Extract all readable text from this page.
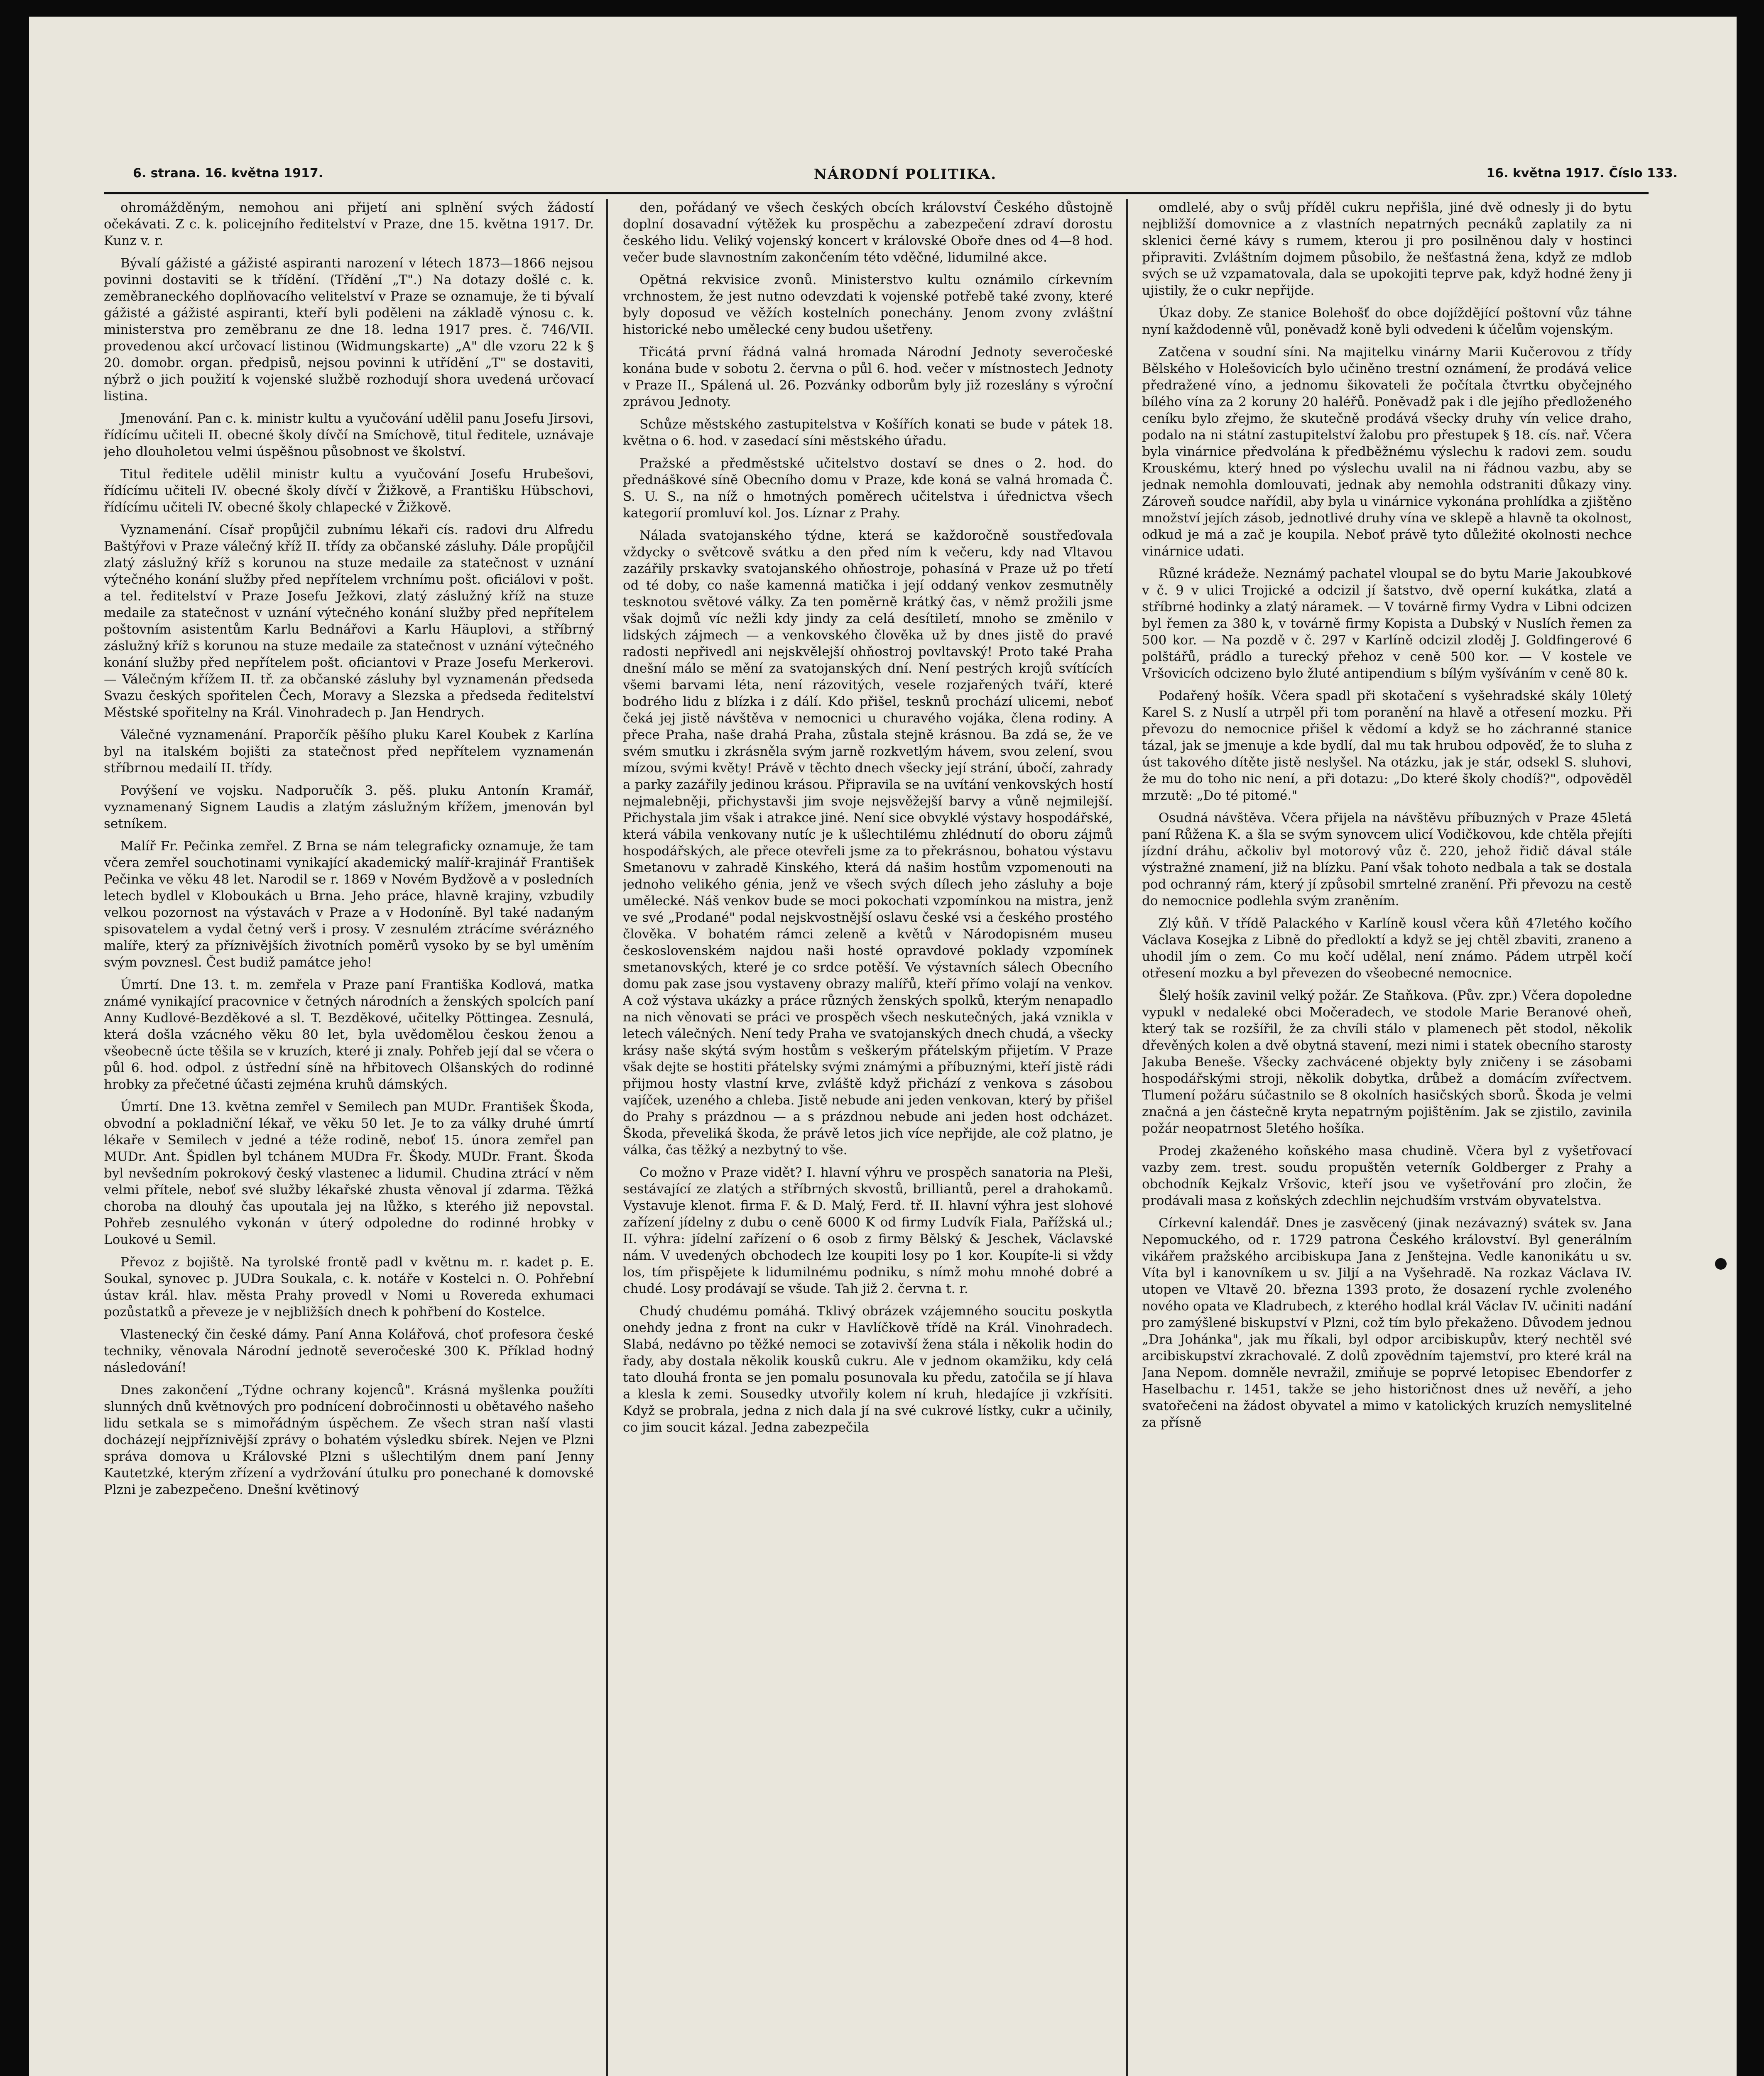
6. strana. 16. května 1917.	NÁRODNÍ POLITIKA.	16. května 1917. Číslo 133.

ohromážděným, nemohou ani přijetí ani splnění svých žádostí očekávati. Z c. k. policejního ředitelství v Praze, dne 15. května 1917. Dr. Kunz v. r.

Bývalí gážisté a gážisté aspiranti narození v létech 1873—1866 nejsou povinni dostaviti se k třídění. (Třídění „T".) Na dotazy došlé c. k. zeměbraneckého doplňovacího velitelství v Praze se oznamuje, že ti bývalí gážisté a gážisté aspiranti, kteří byli poděleni na základě výnosu c. k. ministerstva pro zeměbranu ze dne 18. ledna 1917 pres. č. 746/VII. provedenou akcí určovací listinou (Widmungskarte) „A" dle vzoru 22 k § 20. domobr. organ. předpisů, nejsou povinni k utřídění „T" se dostaviti, nýbrž o jich použití k vojenské službě rozhodují shora uvedená určovací listina.

Jmenování. Pan c. k. ministr kultu a vyučování udělil panu Josefu Jirsovi, řídícímu učiteli II. obecné školy dívčí na Smíchově, titul ředitele, uznávaje jeho dlouholetou velmi úspěšnou působnost ve školství.

Titul ředitele udělil ministr kultu a vyučování Josefu Hrubešovi, řídícímu učiteli IV. obecné školy dívčí v Žižkově, a Františku Hübschovi, řídícímu učiteli IV. obecné školy chlapecké v Žižkově.

Vyznamenání. Císař propůjčil zubnímu lékaři cís. radovi dru Alfredu Baštýřovi v Praze válečný kříž II. třídy za občanské zásluhy. Dále propůjčil zlatý záslužný kříž s korunou na stuze medaile za statečnost v uznání výtečného konání služby před nepřítelem vrchnímu pošt. oficiálovi v pošt. a tel. ředitelství v Praze Josefu Ježkovi, zlatý záslužný kříž na stuze medaile za statečnost v uznání výtečného konání služby před nepřítelem poštovním asistentům Karlu Bednářovi a Karlu Häuplovi, a stříbrný záslužný kříž s korunou na stuze medaile za statečnost v uznání výtečného konání služby před nepřítelem pošt. oficiantovi v Praze Josefu Merkerovi. — Válečným křížem II. tř. za občanské zásluhy byl vyznamenán předseda Svazu českých spořitelen Čech, Moravy a Slezska a předseda ředitelství Městské spořitelny na Král. Vinohradech p. Jan Hendrych.

Válečné vyznamenání. Praporčík pěšího pluku Karel Koubek z Karlína byl na italském bojišti za statečnost před nepřítelem vyznamenán stříbrnou medailí II. třídy.

Povýšení ve vojsku. Nadporučík 3. pěš. pluku Antonín Kramář, vyznamenaný Signem Laudis a zlatým záslužným křížem, jmenován byl setníkem.

Malíř Fr. Pečinka zemřel. Z Brna se nám telegraficky oznamuje, že tam včera zemřel souchotinami vynikající akademický malíř-krajinář František Pečinka ve věku 48 let. Narodil se r. 1869 v Novém Bydžově a v posledních letech bydlel v Kloboukách u Brna. Jeho práce, hlavně krajiny, vzbudily velkou pozornost na výstavách v Praze a v Hodoníně. Byl také nadaným spisovatelem a vydal četný verš i prosy. V zesnulém ztrácíme svérázného malíře, který za příznivějších životních poměrů vysoko by se byl uměním svým povznesl. Čest budiž památce jeho!

Úmrtí. Dne 13. t. m. zemřela v Praze paní Františka Kodlová, matka známé vynikající pracovnice v četných národních a ženských spolcích paní Anny Kudlové-Bezděkové a sl. T. Bezděkové, učitelky Pöttingea. Zesnulá, která došla vzácného věku 80 let, byla uvědomělou českou ženou a všeobecně úcte těšila se v kruzích, které ji znaly. Pohřeb její dal se včera o půl 6. hod. odpol. z ústřední síně na hřbitovech Olšanských do rodinné hrobky za přečetné účasti zejména kruhů dámských.

Úmrtí. Dne 13. května zemřel v Semilech pan MUDr. František Škoda, obvodní a pokladniční lékař, ve věku 50 let. Je to za války druhé úmrtí lékaře v Semilech v jedné a téže rodině, neboť 15. února zemřel pan MUDr. Ant. Špidlen byl tchánem MUDra Fr. Škody. MUDr. Frant. Škoda byl nevšedním pokrokový český vlastenec a lidumil. Chudina ztrácí v něm velmi přítele, neboť své služby lékařské zhusta věnoval jí zdarma. Těžká choroba na dlouhý čas upoutala jej na lůžko, s kterého již nepovstal. Pohřeb zesnulého vykonán v úterý odpoledne do rodinné hrobky v Loukové u Semil.

Převoz z bojiště. Na tyrolské frontě padl v květnu m. r. kadet p. E. Soukal, synovec p. JUDra Soukala, c. k. notáře v Kostelci n. O. Pohřební ústav král. hlav. města Prahy provedl v Nomi u Rovereda exhumaci pozůstatků a převeze je v nejbližších dnech k pohřbení do Kostelce.

Vlastenecký čin české dámy. Paní Anna Kolářová, choť profesora české techniky, věnovala Národní jednotě severočeské 300 K. Příklad hodný následování!

Dnes zakončení „Týdne ochrany kojenců". Krásná myšlenka použíti slunných dnů květnových pro podnícení dobročinnosti u obětavého našeho lidu setkala se s mimořádným úspěchem. Ze všech stran naší vlasti docházejí nejpříznivější zprávy o bohatém výsledku sbírek. Nejen ve Plzni správa domova u Královské Plzni s ušlechtilým dnem paní Jenny Kautetzké, kterým zřízení a vydržování útulku pro ponechané k domovské Plzni je zabezpečeno. Dnešní květinový

den, pořádaný ve všech českých obcích království Českého důstojně doplní dosavadní výtěžek ku prospěchu a zabezpečení zdraví dorostu českého lidu. Veliký vojenský koncert v královské Oboře dnes od 4—8 hod. večer bude slavnostním zakončením této vděčné, lidumilné akce.

Opětná rekvisice zvonů. Ministerstvo kultu oznámilo církevním vrchnostem, že jest nutno odevzdati k vojenské potřebě také zvony, které byly doposud ve věžích kostelních ponechány. Jenom zvony zvláštní historické nebo umělecké ceny budou ušetřeny.

Třicátá první řádná valná hromada Národní Jednoty severočeské konána bude v sobotu 2. června o půl 6. hod. večer v místnostech Jednoty v Praze II., Spálená ul. 26. Pozvánky odborům byly již rozeslány s výroční zprávou Jednoty.

Schůze městského zastupitelstva v Košířích konati se bude v pátek 18. května o 6. hod. v zasedací síni městského úřadu.

Pražské a předměstské učitelstvo dostaví se dnes o 2. hod. do přednáškové síně Obecního domu v Praze, kde koná se valná hromada Č. S. U. S., na níž o hmotných poměrech učitelstva i úřednictva všech kategorií promluví kol. Jos. Líznar z Prahy.

Nálada svatojanského týdne, která se každoročně soustřeďovala vždycky o světcově svátku a den před ním k večeru, kdy nad Vltavou zazářily prskavky svatojanského ohňostroje, pohasíná v Praze už po třetí od té doby, co naše kamenná matička i její oddaný venkov zesmutněly tesknotou světové války. Za ten poměrně krátký čas, v němž prožili jsme však dojmů víc nežli kdy jindy za celá desítiletí, mnoho se změnilo v lidských zájmech — a venkovského člověka už by dnes jistě do pravé radosti nepřivedl ani nejskvělejší ohňostroj povltavský! Proto také Praha dnešní málo se mění za svatojanských dní. Není pestrých krojů svítících všemi barvami léta, není rázovitých, vesele rozjařených tváří, které bodrého lidu z blízka i z dálí. Kdo přišel, tesknů prochází ulicemi, neboť čeká jej jistě návštěva v nemocnici u churavého vojáka, člena rodiny. A přece Praha, naše drahá Praha, zůstala stejně krásnou. Ba zdá se, že ve svém smutku i zkrásněla svým jarně rozkvetlým hávem, svou zelení, svou mízou, svými květy! Právě v těchto dnech všecky její strání, úbočí, zahrady a parky zazářily jedinou krásou. Připravila se na uvítání venkovských hostí nejmalebněji, přichystavši jim svoje nejsvěžejší barvy a vůně nejmilejší. Přichystala jim však i atrakce jiné. Není sice obvyklé výstavy hospodářské, která vábila venkovany nutíc je k ušlechtilému zhlédnutí do oboru zájmů hospodářských, ale přece otevřeli jsme za to překrásnou, bohatou výstavu Smetanovu v zahradě Kinského, která dá našim hostům vzpomenouti na jednoho velikého génia, jenž ve všech svých dílech jeho zásluhy a boje umělecké. Náš venkov bude se moci pokochati vzpomínkou na mistra, jenž ve své „Prodané" podal nejskvostnější oslavu české vsi a českého prostého člověka. V bohatém rámci zeleně a květů v Národopisném museu československém najdou naši hosté opravdové poklady vzpomínek smetanovských, které je co srdce potěší. Ve výstavních sálech Obecního domu pak zase jsou vystaveny obrazy malířů, kteří přímo volají na venkov. A což výstava ukázky a práce různých ženských spolků, kterým nenapadlo na nich věnovati se práci ve prospěch všech neskutečných, jaká vznikla v letech válečných. Není tedy Praha ve svatojanských dnech chudá, a všecky krásy naše skýtá svým hostům s veškerým přátelským přijetím. V Praze však dejte se hostiti přátelsky svými známými a příbuznými, kteří jistě rádi přijmou hosty vlastní krve, zvláště když přichází z venkova s zásobou vajíček, uzeného a chleba. Jistě nebude ani jeden venkovan, který by přišel do Prahy s prázdnou — a s prázdnou nebude ani jeden host odcházet. Škoda, převeliká škoda, že právě letos jich více nepřijde, ale což platno, je válka, čas těžký a nezbytný to vše.

Co možno v Praze vidět? I. hlavní výhru ve prospěch sanatoria na Pleši, sestávající ze zlatých a stříbrných skvostů, brilliantů, perel a drahokamů. Vystavuje klenot. firma F. & D. Malý, Ferd. tř. II. hlavní výhra jest slohové zařízení jídelny z dubu o ceně 6000 K od firmy Ludvík Fiala, Pařížská ul.; II. výhra: jídelní zařízení o 6 osob z firmy Bělský & Jeschek, Václavské nám. V uvedených obchodech lze koupiti losy po 1 kor. Koupíte-li si vždy los, tím přispějete k lidumilnému podniku, s nímž mohu mnohé dobré a chudé. Losy prodávají se všude. Tah již 2. června t. r.

Chudý chudému pomáhá. Tklivý obrázek vzájemného soucitu poskytla onehdy jedna z front na cukr v Havlíčkově třídě na Král. Vinohradech. Slabá, nedávno po těžké nemoci se zotavivší žena stála i několik hodin do řady, aby dostala několik kousků cukru. Ale v jednom okamžiku, kdy celá tato dlouhá fronta se jen pomalu posunovala ku předu, zatočila se jí hlava a klesla k zemi. Sousedky utvořily kolem ní kruh, hledajíce ji vzkřísiti. Když se probrala, jedna z nich dala jí na své cukrové lístky, cukr a učinily, co jim soucit kázal. Jedna zabezpečila

omdlelé, aby o svůj příděl cukru nepřišla, jiné dvě odnesly ji do bytu nejbližší domovnice a z vlastních nepatrných pecnáků zaplatily za ni sklenici černé kávy s rumem, kterou ji pro posilněnou daly v hostinci připraviti. Zvláštním dojmem působilo, že nešťastná žena, když ze mdlob svých se už vzpamatovala, dala se upokojiti teprve pak, když hodné ženy ji ujistily, že o cukr nepřijde.

Úkaz doby. Ze stanice Bolehošť do obce dojíždějící poštovní vůz táhne nyní každodenně vůl, poněvadž koně byli odvedeni k účelům vojenským.

Zatčena v soudní síni. Na majitelku vinárny Marii Kučerovou z třídy Bělského v Holešovicích bylo učiněno trestní oznámení, že prodává velice předražené víno, a jednomu šikovateli že počítala čtvrtku obyčejného bílého vína za 2 koruny 20 haléřů. Poněvadž pak i dle jejího předloženého ceníku bylo zřejmo, že skutečně prodává všecky druhy vín velice draho, podalo na ni státní zastupitelství žalobu pro přestupek § 18. cís. nař. Včera byla vinárnice předvolána k předběžnému výslechu k radovi zem. soudu Krouskému, který hned po výslechu uvalil na ni řádnou vazbu, aby se jednak nemohla domlouvati, jednak aby nemohla odstraniti důkazy viny. Zároveň soudce nařídil, aby byla u vinárnice vykonána prohlídka a zjištěno množství jejích zásob, jednotlivé druhy vína ve sklepě a hlavně ta okolnost, odkud je má a zač je koupila. Neboť právě tyto důležité okolnosti nechce vinárnice udati.

Různé krádeže. Neznámý pachatel vloupal se do bytu Marie Jakoubkové v č. 9 v ulici Trojické a odcizil jí šatstvo, dvě operní kukátka, zlatá a stříbrné hodinky a zlatý náramek. — V továrně firmy Vydra v Libni odcizen byl řemen za 380 k, v továrně firmy Kopista a Dubský v Nuslích řemen za 500 kor. — Na pozdě v č. 297 v Karlíně odcizil zloděj J. Goldfingerové 6 polštářů, prádlo a turecký přehoz v ceně 500 kor. — V kostele ve Vršovicích odcizeno bylo žluté antipendium s bílým vyšíváním v ceně 80 k.

Podařený hošík. Včera spadl při skotačení s vyšehradské skály 10letý Karel S. z Nuslí a utrpěl při tom poranění na hlavě a otřesení mozku. Při převozu do nemocnice přišel k vědomí a když se ho záchranné stanice tázal, jak se jmenuje a kde bydlí, dal mu tak hrubou odpověď, že to sluha z úst takového dítěte jistě neslyšel. Na otázku, jak je stár, odsekl S. sluhovi, že mu do toho nic není, a při dotazu: „Do které školy chodíš?", odpověděl mrzutě: „Do té pitomé."

Osudná návštěva. Včera přijela na návštěvu příbuzných v Praze 45letá paní Růžena K. a šla se svým synovcem ulicí Vodičkovou, kde chtěla přejíti jízdní dráhu, ačkoliv byl motorový vůz č. 220, jehož řidič dával stále výstražné znamení, již na blízku. Paní však tohoto nedbala a tak se dostala pod ochranný rám, který jí způsobil smrtelné zranění. Při převozu na cestě do nemocnice podlehla svým zraněním.

Zlý kůň. V třídě Palackého v Karlíně kousl včera kůň 47letého kočího Václava Kosejka z Libně do předloktí a když se jej chtěl zbaviti, zraneno a uhodil jím o zem. Co mu kočí udělal, není známo. Pádem utrpěl kočí otřesení mozku a byl převezen do všeobecné nemocnice.

Šlelý hošík zavinil velký požár. Ze Staňkova. (Pův. zpr.) Včera dopoledne vypukl v nedaleké obci Močeradech, ve stodole Marie Beranové oheň, který tak se rozšířil, že za chvíli stálo v plamenech pět stodol, několik dřevěných kolen a dvě obytná stavení, mezi nimi i statek obecního starosty Jakuba Beneše. Všecky zachvácené objekty byly zničeny i se zásobami hospodářskými stroji, několik dobytka, drůbež a domácím zvířectvem. Tlumení požáru súčastnilo se 8 okolních hasičských sborů. Škoda je velmi značná a jen částečně kryta nepatrným pojištěním. Jak se zjistilo, zavinila požár neopatrnost 5letého hošíka.

Prodej zkaženého koňského masa chudině. Včera byl z vyšetřovací vazby zem. trest. soudu propuštěn veterník Goldberger z Prahy a obchodník Kejkalz Vršovic, kteří jsou ve vyšetřování pro zločin, že prodávali masa z koňských zdechlin nejchudším vrstvám obyvatelstva.

Církevní kalendář. Dnes je zasvěcený (jinak nezávazný) svátek sv. Jana Nepomuckého, od r. 1729 patrona Českého království. Byl generálním vikářem pražského arcibiskupa Jana z Jenštejna. Vedle kanonikátu u sv. Víta byl i kanovníkem u sv. Jiljí a na Vyšehradě. Na rozkaz Václava IV. utopen ve Vltavě 20. března 1393 proto, že dosazení rychle zvoleného nového opata ve Kladrubech, z kterého hodlal král Václav IV. učiniti nadání pro zamýšlené biskupství v Plzni, což tím bylo překaženo. Důvodem jednou „Dra Johánka", jak mu říkali, byl odpor arcibiskupův, který nechtěl své arcibiskupství zkrachovalé. Z dolů zpovědním tajemství, pro které král na Jana Nepom. domněle nevražil, zmiňuje se poprvé letopisec Ebendorfer z Haselbachu r. 1451, takže se jeho historičnost dnes už nevěří, a jeho svatořečeni na žádost obyvatel a mimo v katolických kruzích nemyslitelné za přísně
